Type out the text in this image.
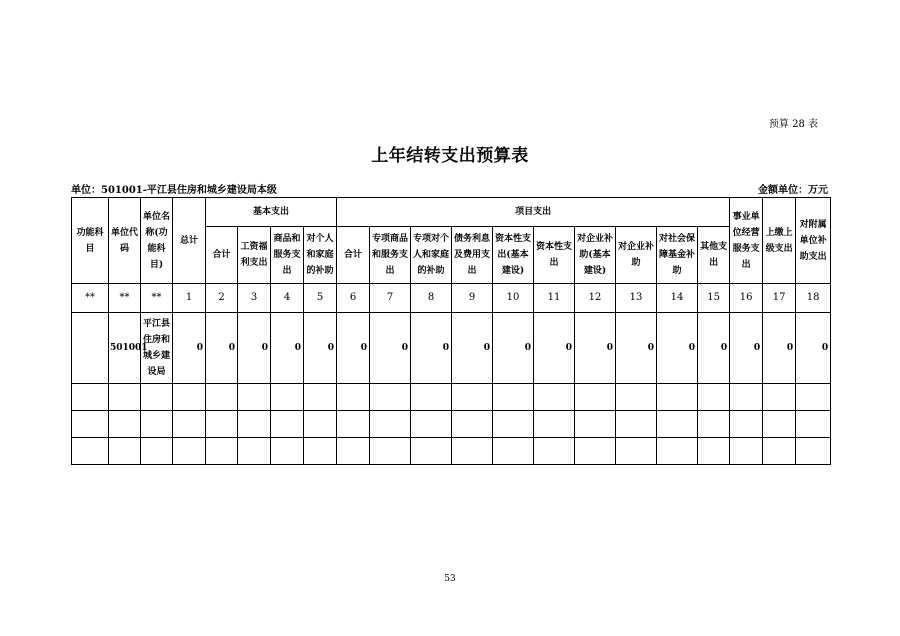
预算 28 表
上年结转支出预算表
单位：501001-平江县住房和城乡建设局本级	金额单位：万元
功能科目	单位代码	单位名称(功能科目)	总计	基本支出				项目支出										事业单位经营服务支出	上缴上级支出	对附属单位补助支出
				合计	工资福利支出	商品和服务支出	对个人和家庭的补助	合计	专项商品和服务支出	专项对个人和家庭的补助	债务利息及费用支出	资本性支出(基本建设)	资本性支出	对企业补助(基本建设)	对企业补助	对社会保障基金补助	其他支出			
**	**	**	1	2	3	4	5	6	7	8	9	10	11	12	13	14	15	16	17	18
	501001	平江县住房和城乡建设局	0	0	0	0	0	0	0	0	0	0	0	0	0	0	0	0	0	0

53
